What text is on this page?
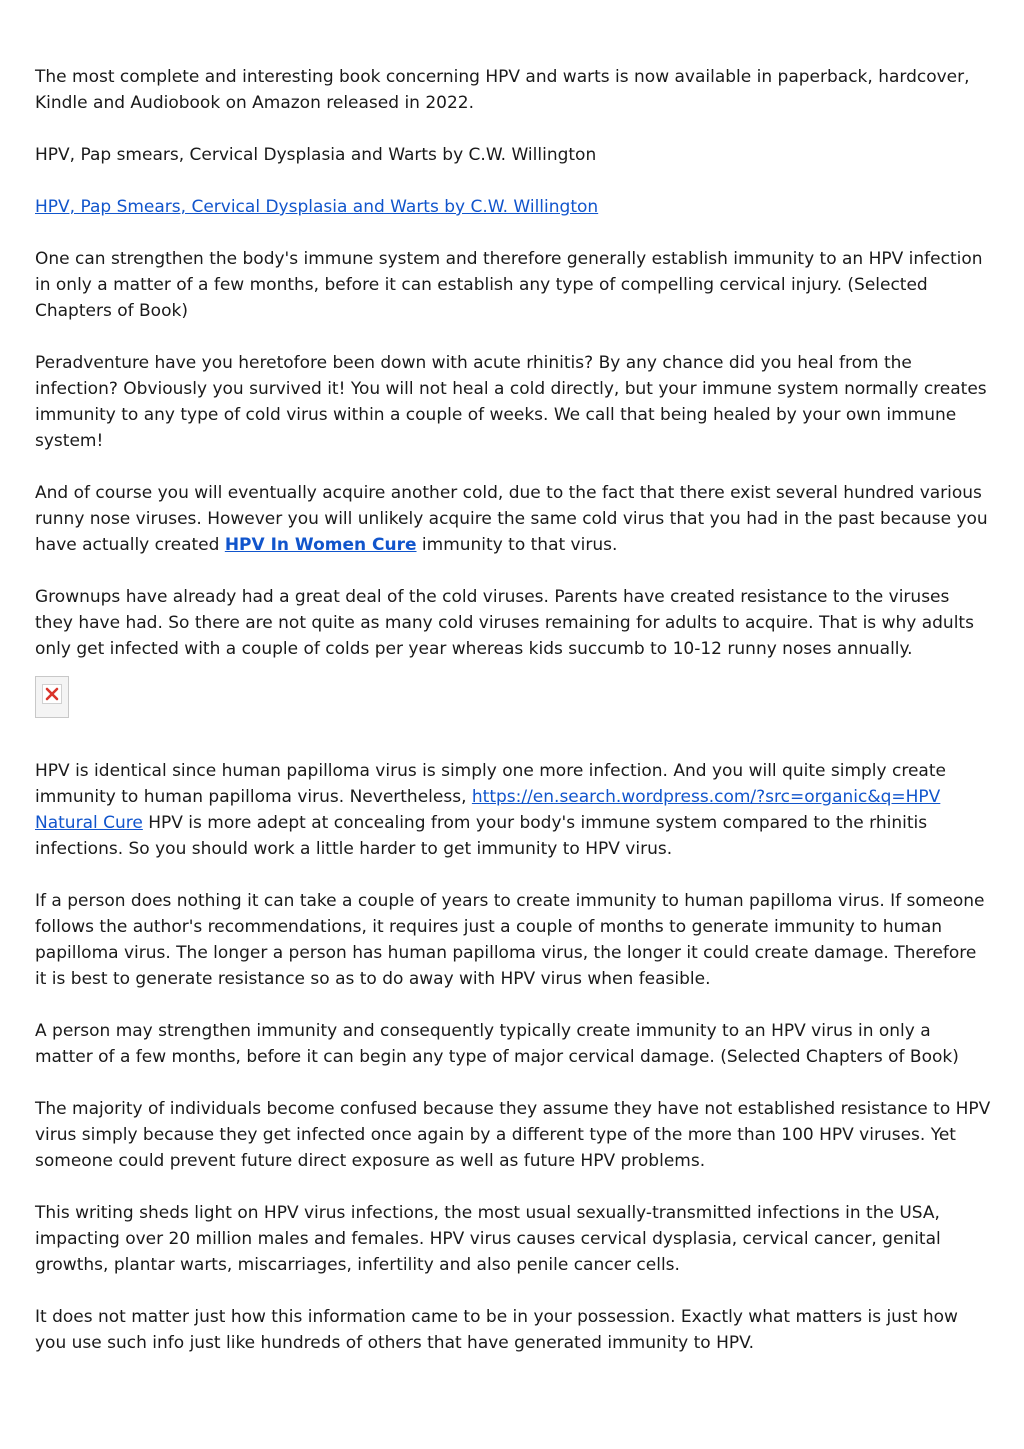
The most complete and interesting book concerning HPV and warts is now available in paperback, hardcover, Kindle and Audiobook on Amazon released in 2022.

HPV, Pap smears, Cervical Dysplasia and Warts by C.W. Willington

HPV, Pap Smears, Cervical Dysplasia and Warts by C.W. Willington

One can strengthen the body's immune system and therefore generally establish immunity to an HPV infection in only a matter of a few months, before it can establish any type of compelling cervical injury. (Selected Chapters of Book)

Peradventure have you heretofore been down with acute rhinitis? By any chance did you heal from the infection? Obviously you survived it! You will not heal a cold directly, but your immune system normally creates immunity to any type of cold virus within a couple of weeks. We call that being healed by your own immune system!

And of course you will eventually acquire another cold, due to the fact that there exist several hundred various runny nose viruses. However you will unlikely acquire the same cold virus that you had in the past because you have actually created HPV In Women Cure immunity to that virus.

Grownups have already had a great deal of the cold viruses. Parents have created resistance to the viruses they have had. So there are not quite as many cold viruses remaining for adults to acquire. That is why adults only get infected with a couple of colds per year whereas kids succumb to 10-12 runny noses annually.

HPV is identical since human papilloma virus is simply one more infection. And you will quite simply create immunity to human papilloma virus. Nevertheless, https://en.search.wordpress.com/?src=organic&q=HPV Natural Cure HPV is more adept at concealing from your body's immune system compared to the rhinitis infections. So you should work a little harder to get immunity to HPV virus.

If a person does nothing it can take a couple of years to create immunity to human papilloma virus. If someone follows the author's recommendations, it requires just a couple of months to generate immunity to human papilloma virus. The longer a person has human papilloma virus, the longer it could create damage. Therefore it is best to generate resistance so as to do away with HPV virus when feasible.

A person may strengthen immunity and consequently typically create immunity to an HPV virus in only a matter of a few months, before it can begin any type of major cervical damage. (Selected Chapters of Book)

The majority of individuals become confused because they assume they have not established resistance to HPV virus simply because they get infected once again by a different type of the more than 100 HPV viruses. Yet someone could prevent future direct exposure as well as future HPV problems.

This writing sheds light on HPV virus infections, the most usual sexually-transmitted infections in the USA, impacting over 20 million males and females. HPV virus causes cervical dysplasia, cervical cancer, genital growths, plantar warts, miscarriages, infertility and also penile cancer cells.

It does not matter just how this information came to be in your possession. Exactly what matters is just how you use such info just like hundreds of others that have generated immunity to HPV.
